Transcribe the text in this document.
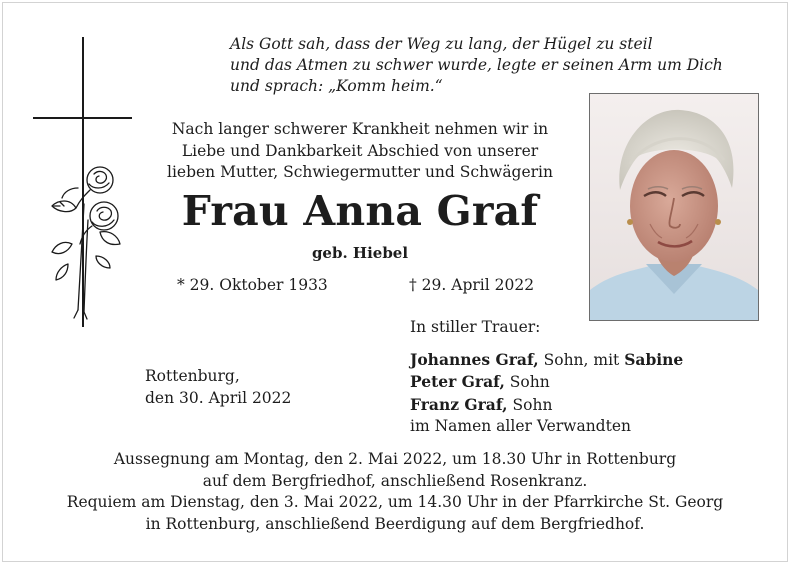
Als Gott sah, dass der Weg zu lang, der Hügel zu steil
und das Atmen zu schwer wurde, legte er seinen Arm um Dich
und sprach: „Komm heim.“
Nach langer schwerer Krankheit nehmen wir in
Liebe und Dankbarkeit Abschied von unserer
lieben Mutter, Schwiegermutter und Schwägerin
Frau Anna Graf
geb. Hiebel
* 29. Oktober 1933	† 29. April 2022
Rottenburg,
den 30. April 2022
In stiller Trauer:
Johannes Graf, Sohn, mit Sabine
Peter Graf, Sohn
Franz Graf, Sohn
im Namen aller Verwandten
Aussegnung am Montag, den 2. Mai 2022, um 18.30 Uhr in Rottenburg
auf dem Bergfriedhof, anschließend Rosenkranz.
Requiem am Dienstag, den 3. Mai 2022, um 14.30 Uhr in der Pfarrkirche St. Georg
in Rottenburg, anschließend Beerdigung auf dem Bergfriedhof.
